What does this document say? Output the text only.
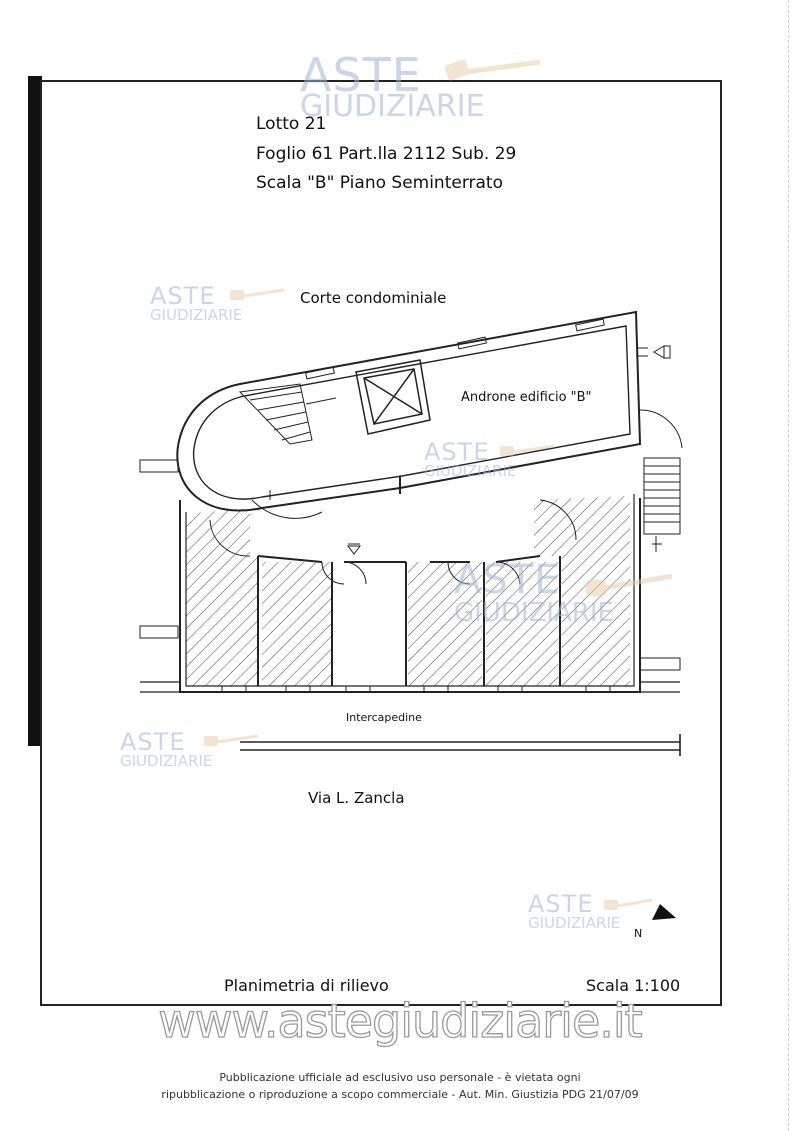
Lotto 21
Foglio 61 Part.lla 2112 Sub. 29
Scala "B" Piano Seminterrato
Corte condominiale
Androne edificio "B"
Intercapedine
Via L. Zancla
N
Planimetria di rilievo	Scala 1:100
ASTE
GIUDIZIARIE
ASTE
GIUDIZIARIE
ASTE
GIUDIZIARIE
ASTE
GIUDIZIARIE
ASTE
GIUDIZIARIE
ASTE
GIUDIZIARIE
www.astegiudiziarie.it
Pubblicazione ufficiale ad esclusivo uso personale - è vietata ogni
ripubblicazione o riproduzione a scopo commerciale - Aut. Min. Giustizia PDG 21/07/09
